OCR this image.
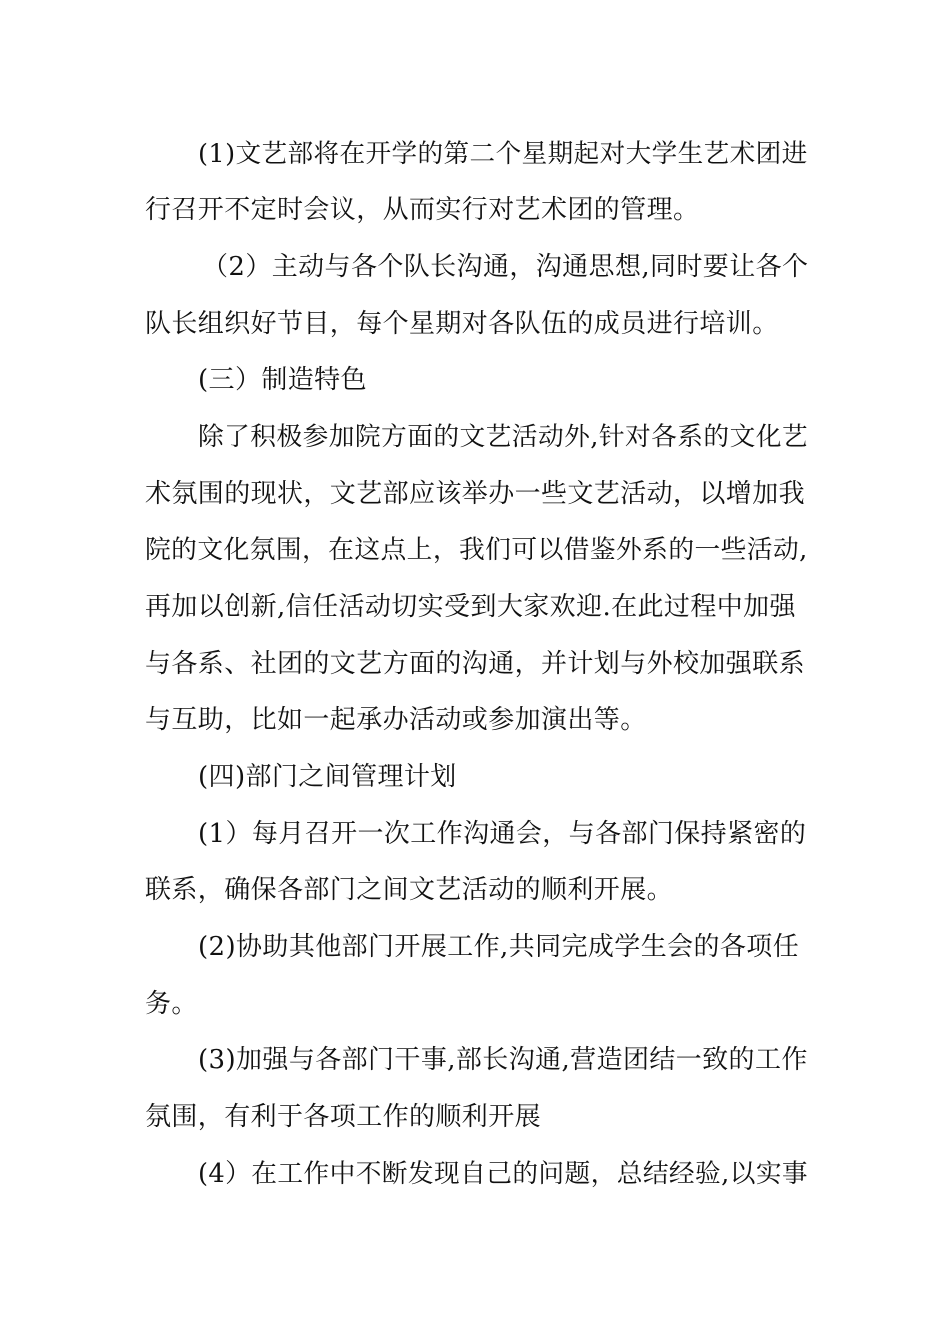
(1)文艺部将在开学的第二个星期起对大学生艺术团进
行召开不定时会议，从而实行对艺术团的管理。
（2）主动与各个队长沟通，沟通思想,同时要让各个
队长组织好节目，每个星期对各队伍的成员进行培训。
(三）制造特色
除了积极参加院方面的文艺活动外,针对各系的文化艺
术氛围的现状，文艺部应该举办一些文艺活动，以增加我
院的文化氛围，在这点上，我们可以借鉴外系的一些活动,
再加以创新,信任活动切实受到大家欢迎.在此过程中加强
与各系、社团的文艺方面的沟通，并计划与外校加强联系
与互助，比如一起承办活动或参加演出等。
(四)部门之间管理计划
(1）每月召开一次工作沟通会，与各部门保持紧密的
联系，确保各部门之间文艺活动的顺利开展。
(2)协助其他部门开展工作,共同完成学生会的各项任
务。
(3)加强与各部门干事,部长沟通,营造团结一致的工作
氛围，有利于各项工作的顺利开展
(4）在工作中不断发现自己的问题，总结经验,以实事
